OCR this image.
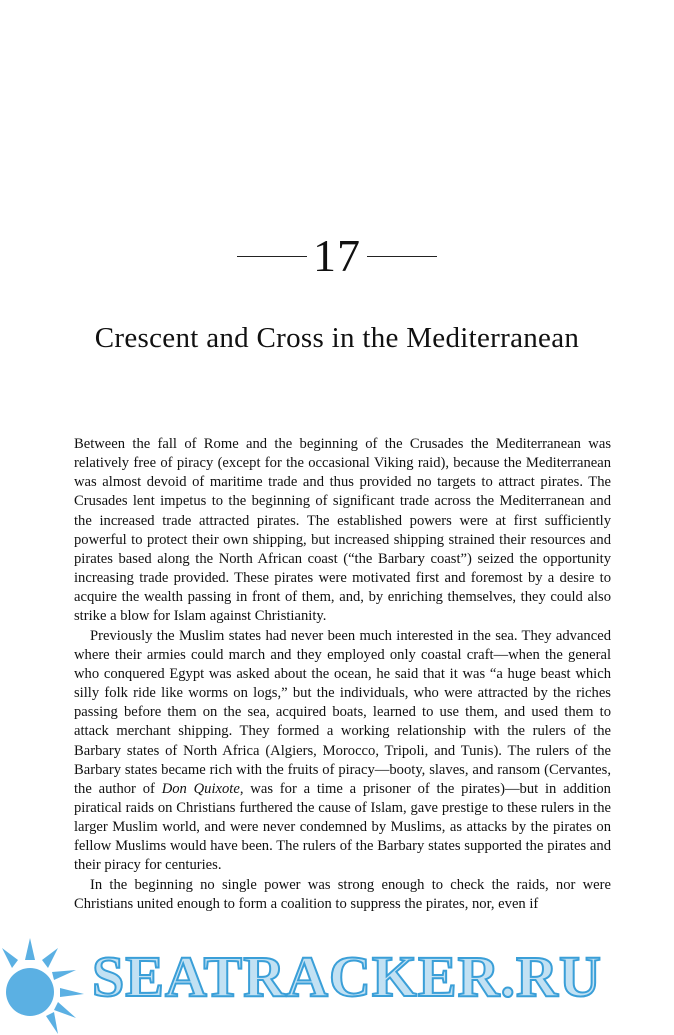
17
Crescent and Cross in the Mediterranean

Between the fall of Rome and the beginning of the Crusades the Mediterranean was relatively free of piracy (except for the occasional Viking raid), because the Mediterranean was almost devoid of maritime trade and thus provided no targets to attract pirates. The Crusades lent impetus to the beginning of significant trade across the Mediterranean and the increased trade attracted pirates. The established powers were at first sufficiently powerful to protect their own shipping, but increased shipping strained their resources and pirates based along the North African coast (“the Barbary coast”) seized the opportunity increasing trade provided. These pirates were motivated first and foremost by a desire to acquire the wealth passing in front of them, and, by enriching themselves, they could also strike a blow for Islam against Christianity.

Previously the Muslim states had never been much interested in the sea. They advanced where their armies could march and they employed only coastal craft—when the general who conquered Egypt was asked about the ocean, he said that it was “a huge beast which silly folk ride like worms on logs,” but the individuals, who were attracted by the riches passing before them on the sea, acquired boats, learned to use them, and used them to attack merchant shipping. They formed a working relationship with the rulers of the Barbary states of North Africa (Algiers, Morocco, Tripoli, and Tunis). The rulers of the Barbary states became rich with the fruits of piracy—booty, slaves, and ransom (Cervantes, the author of Don Quixote, was for a time a prisoner of the pirates)—but in addition piratical raids on Christians furthered the cause of Islam, gave prestige to these rulers in the larger Muslim world, and were never condemned by Muslims, as attacks by the pirates on fellow Muslims would have been. The rulers of the Barbary states supported the pirates and their piracy for centuries.

In the beginning no single power was strong enough to check the raids, nor were Christians united enough to form a coalition to suppress the pirates, nor, even if

SEATRACKER.RU
